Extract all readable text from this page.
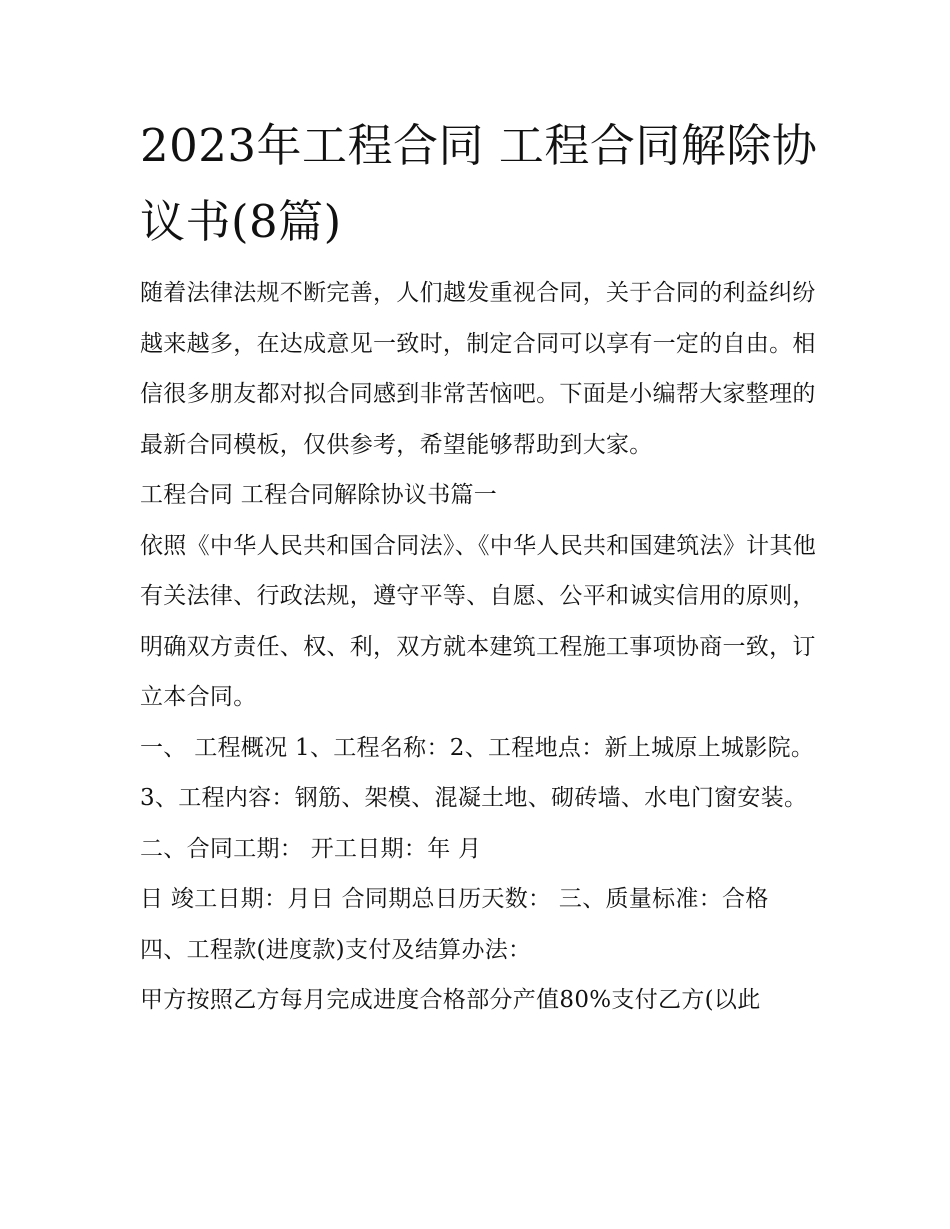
2023年工程合同 工程合同解除协议书(8篇)

随着法律法规不断完善，人们越发重视合同，关于合同的利益纠纷越来越多，在达成意见一致时，制定合同可以享有一定的自由。相信很多朋友都对拟合同感到非常苦恼吧。下面是小编帮大家整理的最新合同模板，仅供参考，希望能够帮助到大家。

工程合同 工程合同解除协议书篇一

依照《中华人民共和国合同法》、《中华人民共和国建筑法》计其他有关法律、行政法规，遵守平等、自愿、公平和诚实信用的原则，明确双方责任、权、利，双方就本建筑工程施工事项协商一致，订立本合同。

一、 工程概况 1、工程名称：2、工程地点：新上城原上城影院。 3、工程内容：钢筋、架模、混凝土地、砌砖墙、水电门窗安装。 二、合同工期： 开工日期：年 月

日 竣工日期：月日 合同期总日历天数： 三、质量标准：合格

四、工程款(进度款)支付及结算办法：

甲方按照乙方每月完成进度合格部分产值80%支付乙方(以此
